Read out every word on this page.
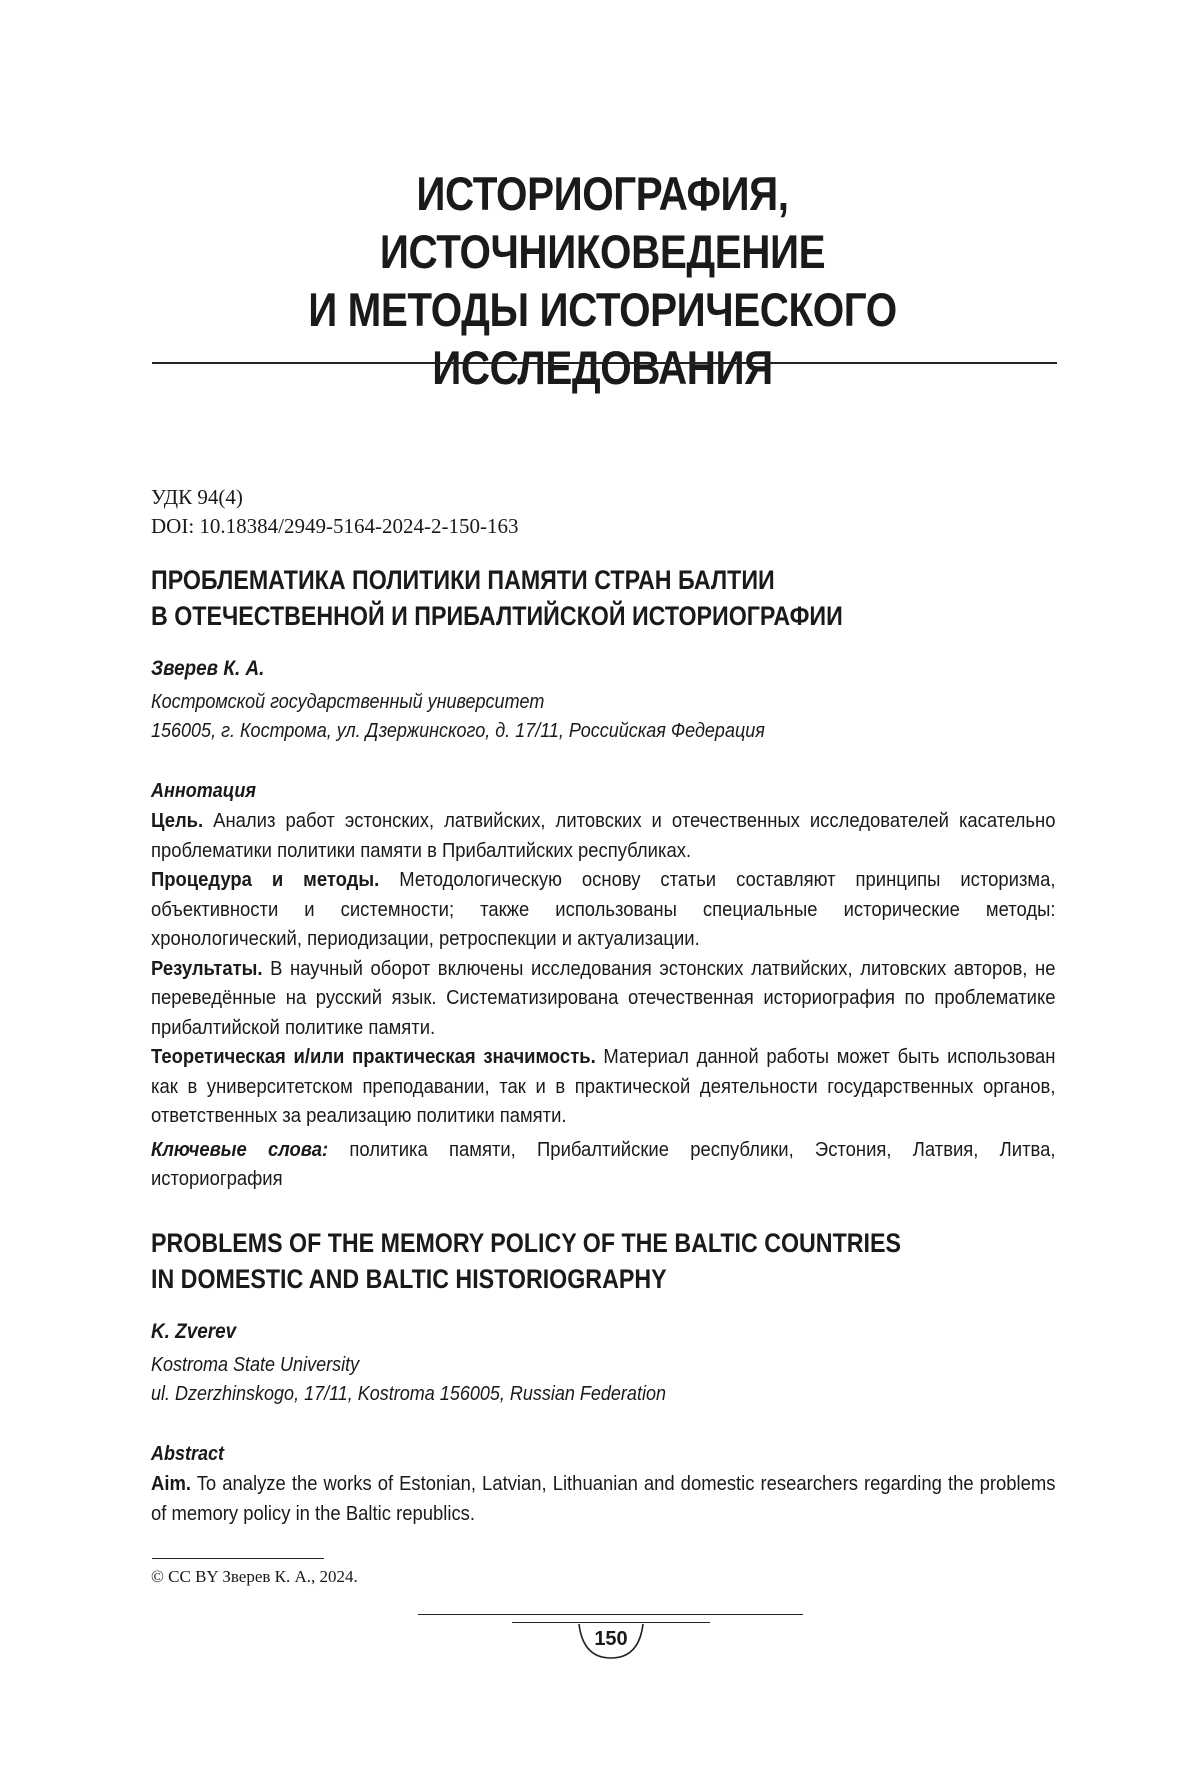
ИСТОРИОГРАФИЯ, ИСТОЧНИКОВЕДЕНИЕ
И МЕТОДЫ ИСТОРИЧЕСКОГО
ИССЛЕДОВАНИЯ
УДК 94(4)
DOI: 10.18384/2949-5164-2024-2-150-163
ПРОБЛЕМАТИКА ПОЛИТИКИ ПАМЯТИ СТРАН БАЛТИИ
В ОТЕЧЕСТВЕННОЙ И ПРИБАЛТИЙСКОЙ ИСТОРИОГРАФИИ
Зверев К. А.
Костромской государственный университет
156005, г. Кострома, ул. Дзержинского, д. 17/11, Российская Федерация
Аннотация

Цель. Анализ работ эстонских, латвийских, литовских и отечественных исследователей касательно проблематики политики памяти в Прибалтийских республиках.

Процедура и методы. Методологическую основу статьи составляют принципы историзма, объективности и системности; также использованы специальные исторические методы: хронологический, периодизации, ретроспекции и актуализации.

Результаты. В научный оборот включены исследования эстонских латвийских, литовских авторов, не переведённые на русский язык. Систематизирована отечественная историография по проблематике прибалтийской политике памяти.

Теоретическая и/или практическая значимость. Материал данной работы может быть использован как в университетском преподавании, так и в практической деятельности государственных органов, ответственных за реализацию политики памяти.

Ключевые слова: политика памяти, Прибалтийские республики, Эстония, Латвия, Литва, историография

PROBLEMS OF THE MEMORY POLICY OF THE BALTIC COUNTRIES
IN DOMESTIC AND BALTIC HISTORIOGRAPHY
K. Zverev
Kostroma State University
ul. Dzerzhinskogo, 17/11, Kostroma 156005, Russian Federation
Abstract

Aim. To analyze the works of Estonian, Latvian, Lithuanian and domestic researchers regarding the problems of memory policy in the Baltic republics.

© CC BY Зверев К. А., 2024.
150
